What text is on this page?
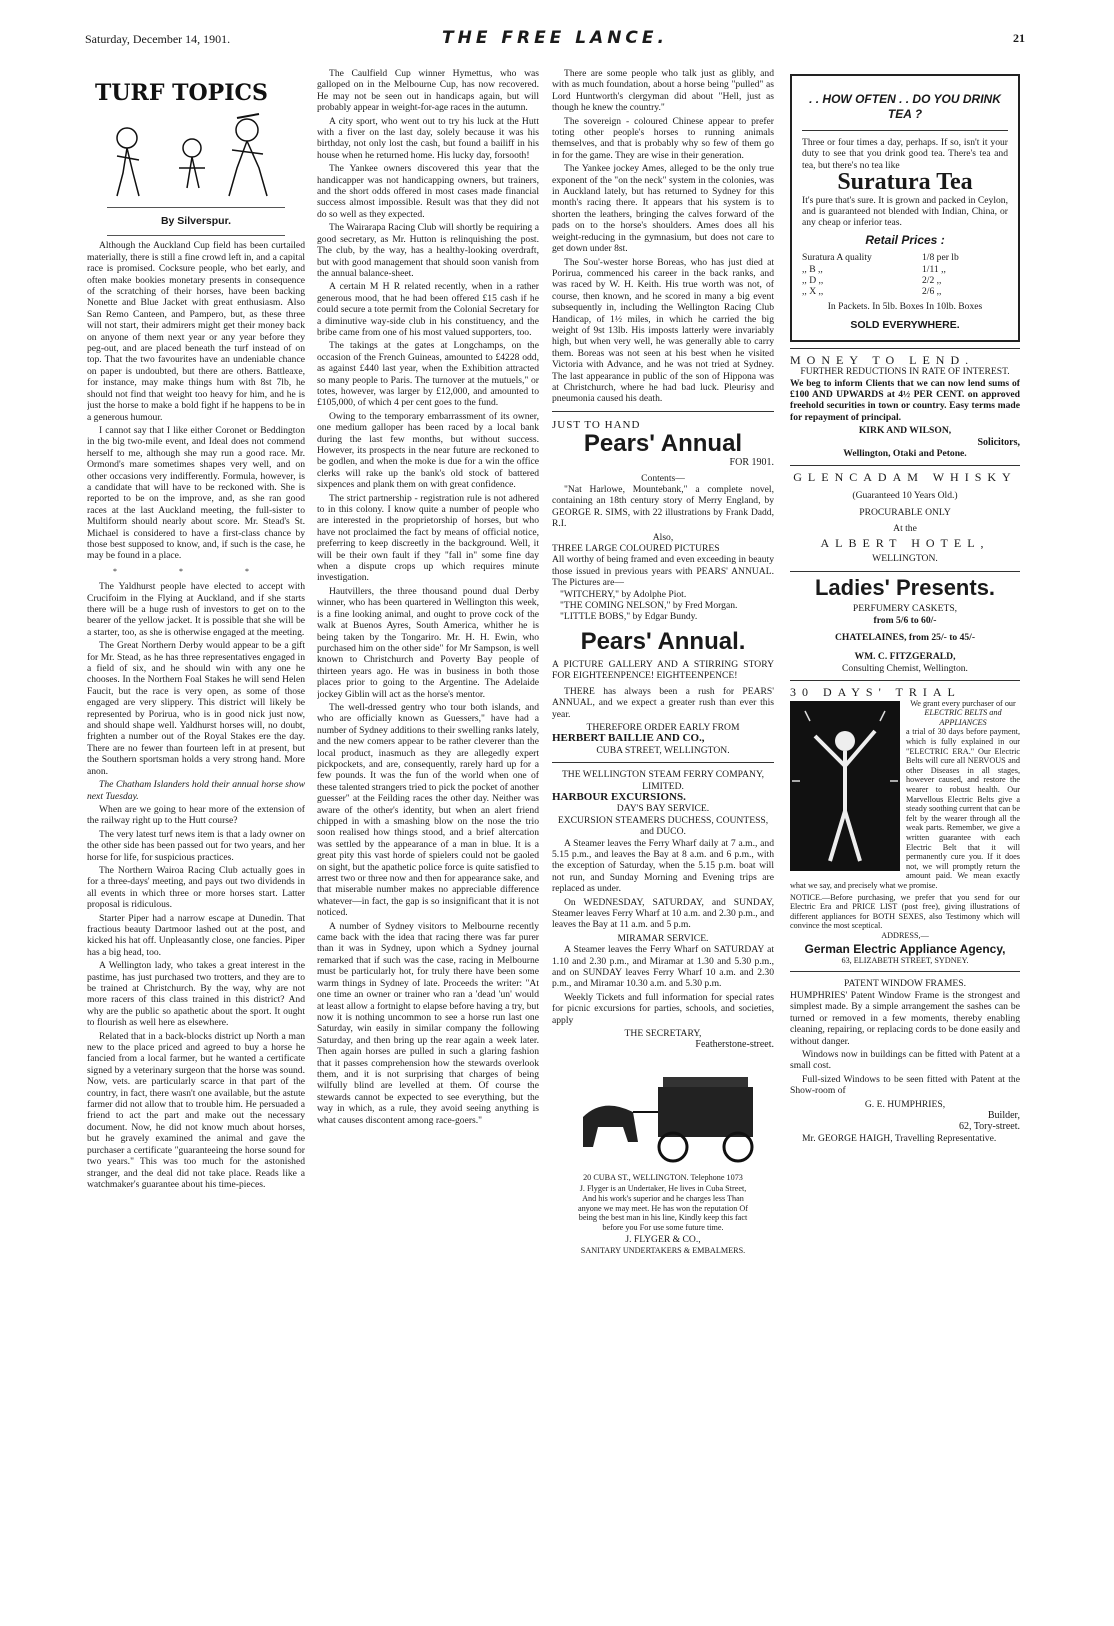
Saturday, December 14, 1901.	THE FREE LANCE.	21
TURF TOPICS
By Silverspur.

Although the Auckland Cup field has been curtailed materially, there is still a fine crowd left in, and a capital race is promised. Cocksure people, who bet early, and often make bookies monetary presents in consequence of the scratching of their horses, have been backing Nonette and Blue Jacket with great enthusiasm. Also San Remo Canteen, and Pampero, but, as these three will not start, their admirers might get their money back on anyone of them next year or any year before they peg-out, and are placed beneath the turf instead of on top. That the two favourites have an undeniable chance on paper is undoubted, but there are others. Battleaxe, for instance, may make things hum with 8st 7lb, he should not find that weight too heavy for him, and he is just the horse to make a bold fight if he happens to be in a generous humour.

I cannot say that I like either Coronet or Beddington in the big two-mile event, and Ideal does not commend herself to me, although she may run a good race. Mr. Ormond's mare sometimes shapes very well, and on other occasions very indifferently. Formula, however, is a candidate that will have to be reckoned with. She is reported to be on the improve, and, as she ran good races at the last Auckland meeting, the full-sister to Multiform should nearly about score. Mr. Stead's St. Michael is considered to have a first-class chance by those best supposed to know, and, if such is the case, he may be found in a place.

* * *

The Yaldhurst people have elected to accept with Crucifoim in the Flying at Auckland, and if she starts there will be a huge rush of investors to get on to the bearer of the yellow jacket. It is possible that she will be a starter, too, as she is otherwise engaged at the meeting.

The Great Northern Derby would appear to be a gift for Mr. Stead, as he has three representatives engaged in a field of six, and he should win with any one he chooses. In the Northern Foal Stakes he will send Helen Faucit, but the race is very open, as some of those engaged are very slippery. This district will likely be represented by Porirua, who is in good nick just now, and should shape well. Yaldhurst horses will, no doubt, frighten a number out of the Royal Stakes ere the day. There are no fewer than fourteen left in at present, but the Southern sportsman holds a very strong hand. More anon.

The Chatham Islanders hold their annual horse show next Tuesday.

When are we going to hear more of the extension of the railway right up to the Hutt course?

The very latest turf news item is that a lady owner on the other side has been passed out for two years, and her horse for life, for suspicious practices.

The Northern Wairoa Racing Club actually goes in for a three-days' meeting, and pays out two dividends in all events in which three or more horses start. Latter proposal is ridiculous.

Starter Piper had a narrow escape at Dunedin. That fractious beauty Dartmoor lashed out at the post, and kicked his hat off. Unpleasantly close, one fancies. Piper has a big head, too.

A Wellington lady, who takes a great interest in the pastime, has just purchased two trotters, and they are to be trained at Christchurch. By the way, why are not more racers of this class trained in this district? And why are the public so apathetic about the sport. It ought to flourish as well here as elsewhere.

Related that in a back-blocks district up North a man new to the place priced and agreed to buy a horse he fancied from a local farmer, but he wanted a certificate signed by a veterinary surgeon that the horse was sound. Now, vets. are particularly scarce in that part of the country, in fact, there wasn't one available, but the astute farmer did not allow that to trouble him. He persuaded a friend to act the part and make out the necessary document. Now, he did not know much about horses, but he gravely examined the animal and gave the purchaser a certificate "guaranteeing the horse sound for two years." This was too much for the astonished stranger, and the deal did not take place. Reads like a watchmaker's guarantee about his time-pieces.

The Caulfield Cup winner Hymettus, who was galloped on in the Melbourne Cup, has now recovered. He may not be seen out in handicaps again, but will probably appear in weight-for-age races in the autumn.

A city sport, who went out to try his luck at the Hutt with a fiver on the last day, solely because it was his birthday, not only lost the cash, but found a bailiff in his house when he returned home. His lucky day, forsooth!

The Yankee owners discovered this year that the handicapper was not handicapping owners, but trainers, and the short odds offered in most cases made financial success almost impossible. Result was that they did not do so well as they expected.

The Wairarapa Racing Club will shortly be requiring a good secretary, as Mr. Hutton is relinquishing the post. The club, by the way, has a healthy-looking overdraft, but with good management that should soon vanish from the annual balance-sheet.

A certain M H R related recently, when in a rather generous mood, that he had been offered £15 cash if he could secure a tote permit from the Colonial Secretary for a diminutive way-side club in his constituency, and the bribe came from one of his most valued supporters, too.

The takings at the gates at Longchamps, on the occasion of the French Guineas, amounted to £4228 odd, as against £440 last year, when the Exhibition attracted so many people to Paris. The turnover at the mutuels," or totes, however, was larger by £12,000, and amounted to £105,000, of which 4 per cent goes to the fund.

Owing to the temporary embarrassment of its owner, one medium galloper has been raced by a local bank during the last few months, but without success. However, its prospects in the near future are reckoned to be godlen, and when the moke is due for a win the office clerks will rake up the bank's old stock of battered sixpences and plank them on with great confidence.

The strict partnership - registration rule is not adhered to in this colony. I know quite a number of people who are interested in the proprietorship of horses, but who have not proclaimed the fact by means of official notice, preferring to keep discreetly in the background. Well, it will be their own fault if they "fall in" some fine day when a dispute crops up which requires minute investigation.

Hautvillers, the three thousand pound dual Derby winner, who has been quartered in Wellington this week, is a fine looking animal, and ought to prove cock of the walk at Buenos Ayres, South America, whither he is being taken by the Tongariro. Mr. H. H. Ewin, who purchased him on the other side" for Mr Sampson, is well known to Christchurch and Poverty Bay people of thirteen years ago. He was in business in both those places prior to going to the Argentine. The Adelaide jockey Giblin will act as the horse's mentor.

The well-dressed gentry who tour both islands, and who are officially known as Guessers," have had a number of Sydney additions to their swelling ranks lately, and the new comers appear to be rather cleverer than the local product, inasmuch as they are allegedly expert pickpockets, and are, consequently, rarely hard up for a few pounds. It was the fun of the world when one of these talented strangers tried to pick the pocket of another guesser" at the Feilding races the other day. Neither was aware of the other's identity, but when an alert friend chipped in with a smashing blow on the nose the trio soon realised how things stood, and a brief altercation was settled by the appearance of a man in blue. It is a great pity this vast horde of spielers could not be gaoled on sight, but the apathetic police force is quite satisfied to arrest two or three now and then for appearance sake, and that miserable number makes no appreciable difference whatever—in fact, the gap is so insignificant that it is not noticed.

A number of Sydney visitors to Melbourne recently came back with the idea that racing there was far purer than it was in Sydney, upon which a Sydney journal remarked that if such was the case, racing in Melbourne must be particularly hot, for truly there have been some warm things in Sydney of late. Proceeds the writer: "At one time an owner or trainer who ran a 'dead 'un' would at least allow a fortnight to elapse before having a try, but now it is nothing uncommon to see a horse run last one Saturday, win easily in similar company the following Saturday, and then bring up the rear again a week later. Then again horses are pulled in such a glaring fashion that it passes comprehension how the stewards overlook them, and it is not surprising that charges of being wilfully blind are levelled at them. Of course the stewards cannot be expected to see everything, but the way in which, as a rule, they avoid seeing anything is what causes discontent among race-goers."

There are some people who talk just as glibly, and with as much foundation, about a horse being "pulled" as Lord Huntworth's clergyman did about "Hell, just as though he knew the country."

The sovereign - coloured Chinese appear to prefer toting other people's horses to running animals themselves, and that is probably why so few of them go in for the game. They are wise in their generation.

The Yankee jockey Ames, alleged to be the only true exponent of the "on the neck" system in the colonies, was in Auckland lately, but has returned to Sydney for this month's racing there. It appears that his system is to shorten the leathers, bringing the calves forward of the pads on to the horse's shoulders. Ames does all his weight-reducing in the gymnasium, but does not care to get down under 8st.

The Sou'-wester horse Boreas, who has just died at Porirua, commenced his career in the back ranks, and was raced by W. H. Keith. His true worth was not, of course, then known, and he scored in many a big event subsequently in, including the Wellington Racing Club Handicap, of 1½ miles, in which he carried the big weight of 9st 13lb. His imposts latterly were invariably high, but when very well, he was generally able to carry them. Boreas was not seen at his best when he visited Victoria with Advance, and he was not tried at Sydney. The last appearance in public of the son of Hippona was at Christchurch, where he had bad luck. Pleurisy and pneumonia caused his death.

JUST TO HAND
Pears' Annual
FOR 1901.
Contents—

"Nat Harlowe, Mountebank," a complete novel, containing an 18th century story of Merry England, by GEORGE R. SIMS, with 22 illustrations by Frank Dadd, R.I.

Also,
THREE LARGE COLOURED PICTURES
All worthy of being framed and even exceeding in beauty those issued in previous years with PEARS' ANNUAL. The Pictures are—
"WITCHERY," by Adolphe Piot.
"THE COMING NELSON," by Fred Morgan.
"LITTLE BOBS," by Edgar Bundy.
Pears' Annual.
A PICTURE GALLERY AND A STIRRING STORY FOR EIGHTEENPENCE! EIGHTEENPENCE!

THERE has always been a rush for PEARS' ANNUAL, and we expect a greater rush than ever this year.

THEREFORE ORDER EARLY FROM
HERBERT BAILLIE AND CO.,
CUBA STREET, WELLINGTON.
THE WELLINGTON STEAM FERRY COMPANY, LIMITED.
HARBOUR EXCURSIONS.
DAY'S BAY SERVICE.
EXCURSION STEAMERS DUCHESS, COUNTESS, and DUCO.

A Steamer leaves the Ferry Wharf daily at 7 a.m., and 5.15 p.m., and leaves the Bay at 8 a.m. and 6 p.m., with the exception of Saturday, when the 5.15 p.m. boat will not run, and Sunday Morning and Evening trips are replaced as under.

On WEDNESDAY, SATURDAY, and SUNDAY, Steamer leaves Ferry Wharf at 10 a.m. and 2.30 p.m., and leaves the Bay at 11 a.m. and 5 p.m.

MIRAMAR SERVICE.

A Steamer leaves the Ferry Wharf on SATURDAY at 1.10 and 2.30 p.m., and Miramar at 1.30 and 5.30 p.m., and on SUNDAY leaves Ferry Wharf 10 a.m. and 2.30 p.m., and Miramar 10.30 a.m. and 5.30 p.m.

Weekly Tickets and full information for special rates for picnic excursions for parties, schools, and societies, apply

THE SECRETARY,
Featherstone-street.
20 CUBA ST., WELLINGTON. Telephone 1073
J. Flyger is an Undertaker, He lives in Cuba Street, And his work's superior and he charges less Than anyone we may meet. He has won the reputation Of being the best man in his line, Kindly keep this fact before you For use some future time.
J. FLYGER & CO.,
SANITARY UNDERTAKERS & EMBALMERS.
. . HOW OFTEN . . DO YOU DRINK TEA ?

Three or four times a day, perhaps. If so, isn't it your duty to see that you drink good tea. There's tea and tea, but there's no tea like

Suratura Tea

It's pure that's sure. It is grown and packed in Ceylon, and is guaranteed not blended with Indian, China, or any cheap or inferior teas.

Retail Prices :
Suratura A quality	1/8 per lb
,, B ,,	1/11 ,,
,, D ,,	2/2 ,,
,, X ,,	2/6 ,,
In Packets. In 5lb. Boxes In 10lb. Boxes
SOLD EVERYWHERE.
MONEY TO LEND.
FURTHER REDUCTIONS IN RATE OF INTEREST.

We beg to inform Clients that we can now lend sums of £100 AND UPWARDS at 4½ PER CENT. on approved freehold securities in town or country. Easy terms made for repayment of principal.

KIRK AND WILSON,
Solicitors,
Wellington, Otaki and Petone.
GLENCADAM WHISKY
(Guaranteed 10 Years Old.)
PROCURABLE ONLY
At the
ALBERT HOTEL,
WELLINGTON.
Ladies' Presents.
PERFUMERY CASKETS,
from 5/6 to 60/-
CHATELAINES, from 25/- to 45/-
WM. C. FITZGERALD,
Consulting Chemist, Wellington.
30 DAYS' TRIAL
We grant every purchaser of our
ELECTRIC BELTS and APPLIANCES
a trial of 30 days before payment, which is fully explained in our "ELECTRIC ERA." Our Electric Belts will cure all NERVOUS and other Diseases in all stages, however caused, and restore the wearer to robust health. Our Marvellous Electric Belts give a steady soothing current that can be felt by the wearer through all the weak parts. Remember, we give a written guarantee with each Electric Belt that it will permanently cure you. If it does not, we will promptly return the amount paid. We mean exactly what we say, and precisely what we promise.
NOTICE.—Before purchasing, we prefer that you send for our Electric Era and PRICE LIST (post free), giving illustrations of different appliances for BOTH SEXES, also Testimony which will convince the most sceptical.
ADDRESS,—
German Electric Appliance Agency,
63, ELIZABETH STREET, SYDNEY.
PATENT WINDOW FRAMES.

HUMPHRIES' Patent Window Frame is the strongest and simplest made. By a simple arrangement the sashes can be turned or removed in a few moments, thereby enabling cleaning, repairing, or replacing cords to be done easily and without danger.

Windows now in buildings can be fitted with Patent at a small cost.

Full-sized Windows to be seen fitted with Patent at the Show-room of

G. E. HUMPHRIES,
Builder,
62, Tory-street.

Mr. GEORGE HAIGH, Travelling Representative.
